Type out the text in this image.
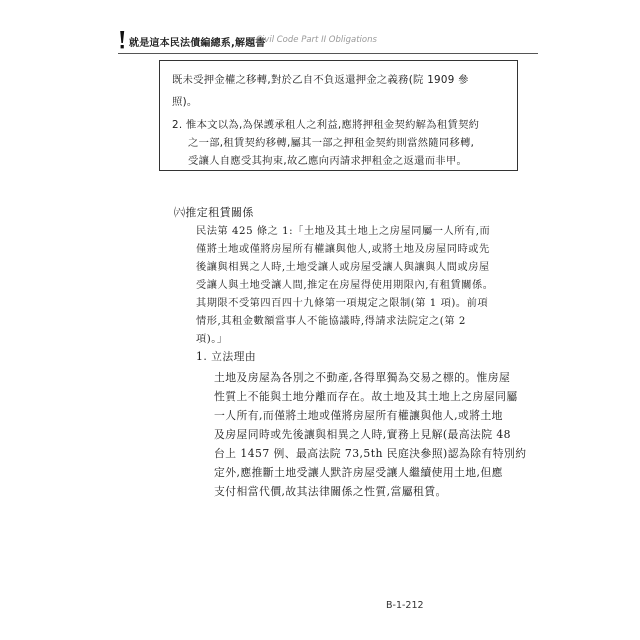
就是這本民法債編總系,解題書
Civil Code Part II Obligations
既未受押金權之移轉,對於乙自不負返還押金之義務(院 1909 參
照)。
2. 惟本文以為,為保護承租人之利益,應將押租金契約解為租賃契約
之一部,租賃契約移轉,屬其一部之押租金契約則當然隨同移轉,
受讓人自應受其拘束,故乙應向丙請求押租金之返還而非甲。
㈥推定租賃關係
民法第 425 條之 1:「土地及其土地上之房屋同屬一人所有,而
僅將土地或僅將房屋所有權讓與他人,或將土地及房屋同時或先
後讓與相異之人時,土地受讓人或房屋受讓人與讓與人間或房屋
受讓人與土地受讓人間,推定在房屋得使用期限內,有租賃關係。
其期限不受第四百四十九條第一項規定之限制(第 1 項)。前項
情形,其租金數額當事人不能協議時,得請求法院定之(第 2
項)。」
1. 立法理由
土地及房屋為各別之不動產,各得單獨為交易之標的。惟房屋
性質上不能與土地分離而存在。故土地及其土地上之房屋同屬
一人所有,而僅將土地或僅將房屋所有權讓與他人,或將土地
及房屋同時或先後讓與相異之人時,實務上見解(最高法院 48
台上 1457 例、最高法院 73,5th 民庭決參照)認為除有特別約
定外,應推斷土地受讓人默許房屋受讓人繼續使用土地,但應
支付相當代價,故其法律關係之性質,當屬租賃。
B-1-212
